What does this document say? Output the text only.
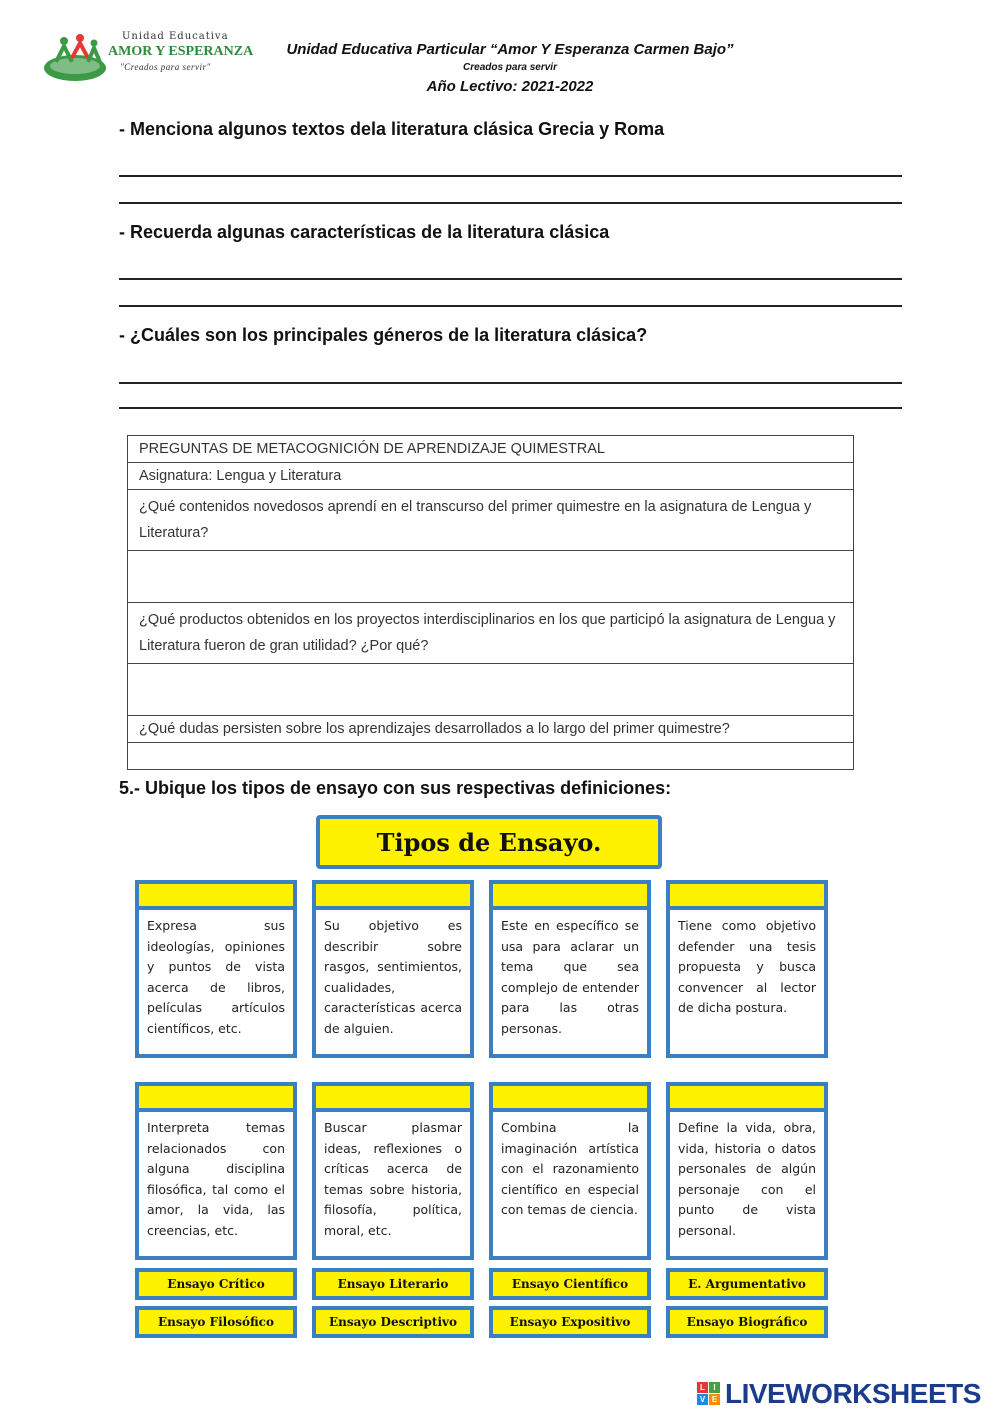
Unidad Educativa
AMOR Y ESPERANZA
"Creados para servir"
Unidad Educativa Particular “Amor Y Esperanza Carmen Bajo”
Creados para servir
Año Lectivo: 2021-2022
- Menciona algunos textos dela literatura clásica Grecia y Roma
- Recuerda algunas características de la literatura clásica
- ¿Cuáles son los principales géneros de la literatura clásica?
PREGUNTAS DE METACOGNICIÓN DE APRENDIZAJE QUIMESTRAL
Asignatura: Lengua y Literatura
¿Qué contenidos novedosos aprendí en el transcurso del primer quimestre en la asignatura de Lengua y Literatura?

¿Qué productos obtenidos en los proyectos interdisciplinarios en los que participó la asignatura de Lengua y Literatura fueron de gran utilidad? ¿Por qué?

¿Qué dudas persisten sobre los aprendizajes desarrollados a lo largo del primer quimestre?

5.- Ubique los tipos de ensayo con sus respectivas definiciones:
Tipos de Ensayo.
Expresa sus ideologías, opiniones y puntos de vista acerca de libros, películas artículos científicos, etc.
Su objetivo es describir sobre rasgos, sentimientos, cualidades, características acerca de alguien.
Este en específico se usa para aclarar un tema que sea complejo de entender para las otras personas.
Tiene como objetivo defender una tesis propuesta y busca convencer al lector de dicha postura.
Interpreta temas relacionados con alguna disciplina filosófica, tal como el amor, la vida, las creencias, etc.
Buscar plasmar ideas, reflexiones o críticas acerca de temas sobre historia, filosofía, política, moral, etc.
Combina la imaginación artística con el razonamiento científico en especial con temas de ciencia.
Define la vida, obra, vida, historia o datos personales de algún personaje con el punto de vista personal.
Ensayo Crítico	Ensayo Literario	Ensayo Científico	E. Argumentativo
Ensayo Filosófico	Ensayo Descriptivo	Ensayo Expositivo	Ensayo Biográfico
L	I
V E LIVEWORKSHEETS
